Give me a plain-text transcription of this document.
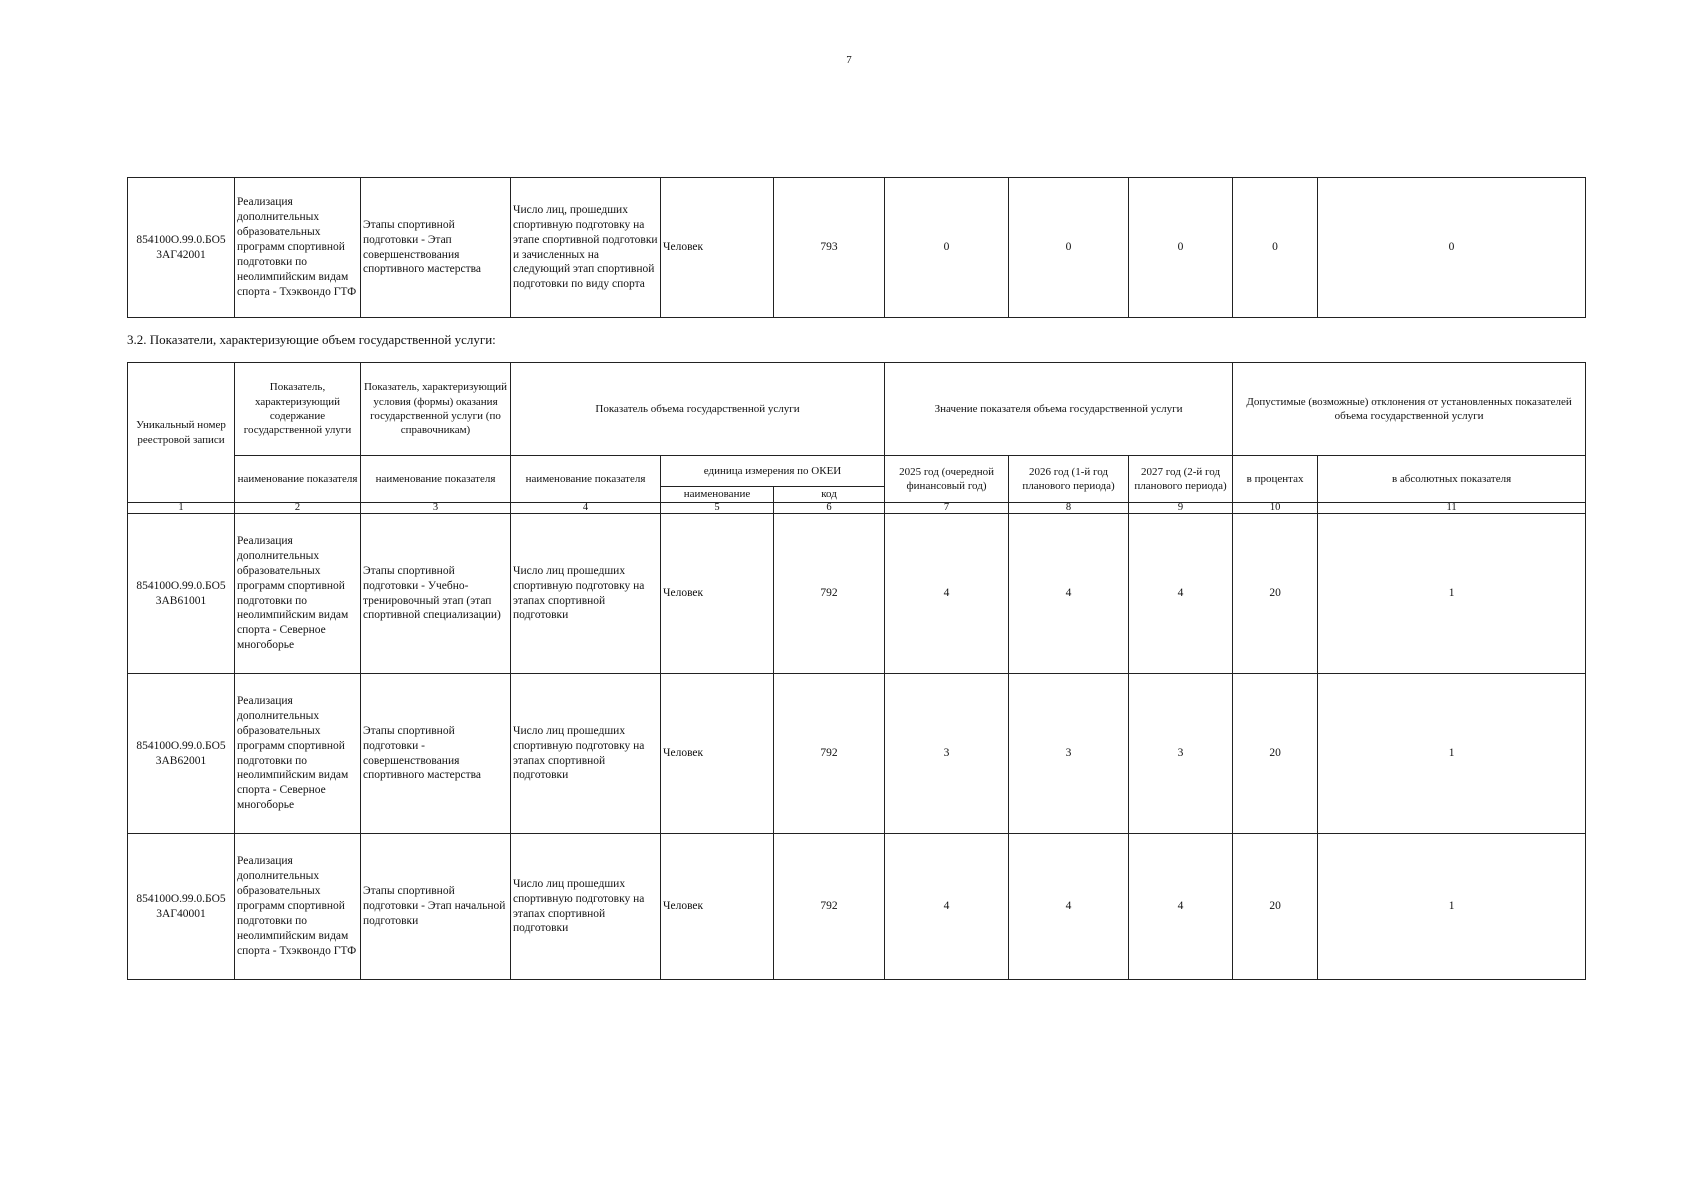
7
854100О.99.0.БО5 3АГ42001	Реализация дополнительных образовательных программ спортивной подготовки по неолимпийским видам спорта - Тхэквондо ГТФ	Этапы спортивной подготовки - Этап совершенствования спортивного мастерства	Число лиц, прошедших спортивную подготовку на этапе спортивной подготовки и зачисленных на следующий этап спортивной подготовки по виду спорта	Человек	793	0	0	0	0	0
3.2. Показатели, характеризующие объем государственной услуги:
Уникальный номер реестровой записи	Показатель, характеризующий содержание государственной улуги	Показатель, характеризующий условия (формы) оказания государственной услуги (по справочникам)	Показатель объема государственной услуги			Значение показателя объема государственной услуги			Допустимые (возможные) отклонения от установленных показателей объема государственной услуги	
	наименование показателя	наименование показателя	наименование показателя	единица измерения по ОКЕИ		2025 год (очередной финансовый год)	2026 год (1-й год планового периода)	2027 год (2-й год планового периода)	в процентах	в абсолютных показателя
				наименование	код					
1	2	3	4	5	6	7	8	9	10	11
854100О.99.0.БО5 3АВ61001	Реализация дополнительных образовательных программ спортивной подготовки по неолимпийским видам спорта - Северное многоборье	Этапы спортивной подготовки - Учебно-тренировочный этап (этап спортивной специализации)	Число лиц прошедших спортивную подготовку на этапах спортивной подготовки	Человек	792	4	4	4	20	1
854100О.99.0.БО5 3АВ62001	Реализация дополнительных образовательных программ спортивной подготовки по неолимпийским видам спорта - Северное многоборье	Этапы спортивной подготовки - совершенствования спортивного мастерства	Число лиц прошедших спортивную подготовку на этапах спортивной подготовки	Человек	792	3	3	3	20	1
854100О.99.0.БО5 3АГ40001	Реализация дополнительных образовательных программ спортивной подготовки по неолимпийским видам спорта - Тхэквондо ГТФ	Этапы спортивной подготовки - Этап начальной подготовки	Число лиц прошедших спортивную подготовку на этапах спортивной подготовки	Человек	792	4	4	4	20	1
